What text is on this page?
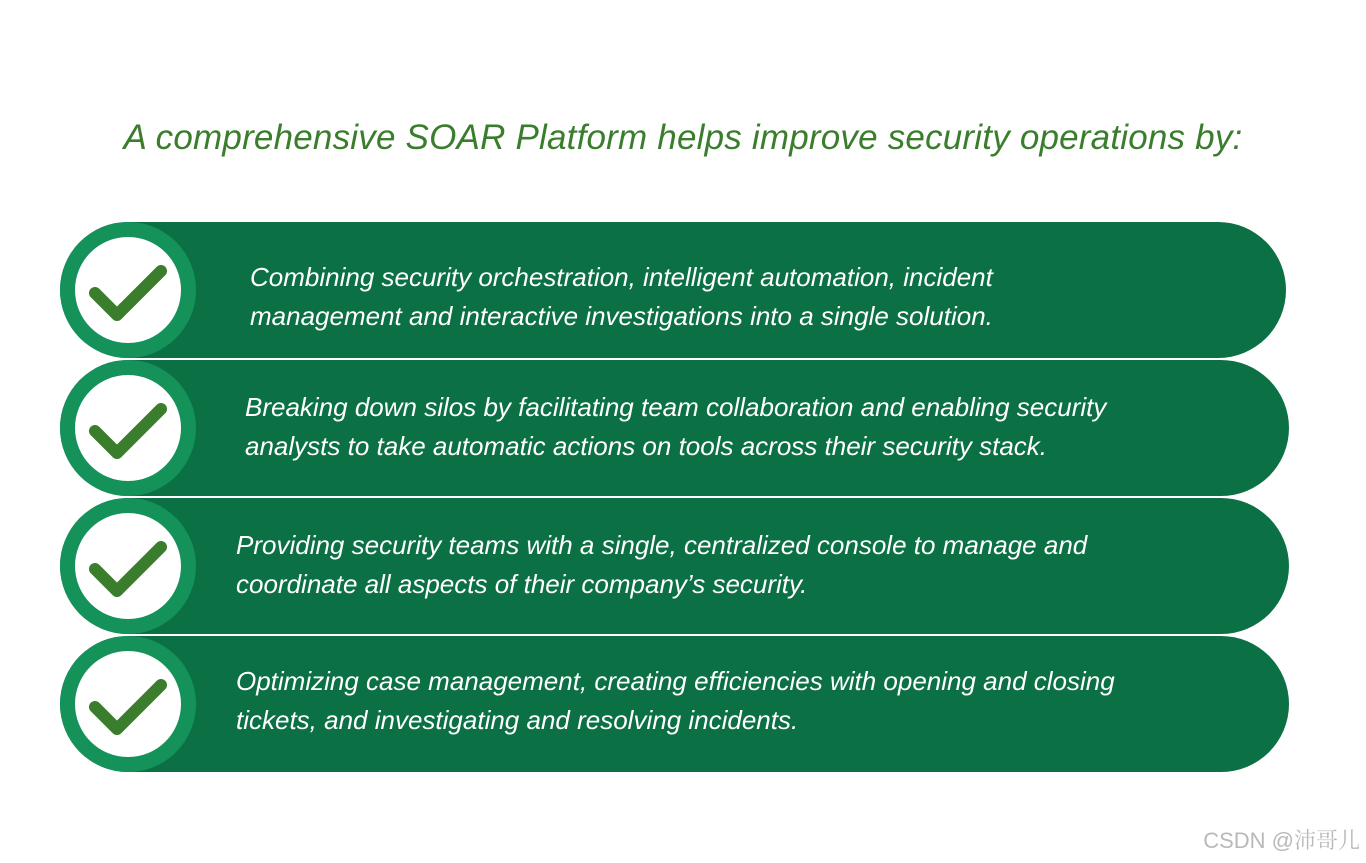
A comprehensive SOAR Platform helps improve security operations by:
Combining security orchestration, intelligent automation, incident
management and interactive investigations into a single solution.
Breaking down silos by facilitating team collaboration and enabling security
analysts to take automatic actions on tools across their security stack.
Providing security teams with a single, centralized console to manage and
coordinate all aspects of their company’s security.
Optimizing case management, creating efficiencies with opening and closing
tickets, and investigating and resolving incidents.
CSDN @沛哥儿
